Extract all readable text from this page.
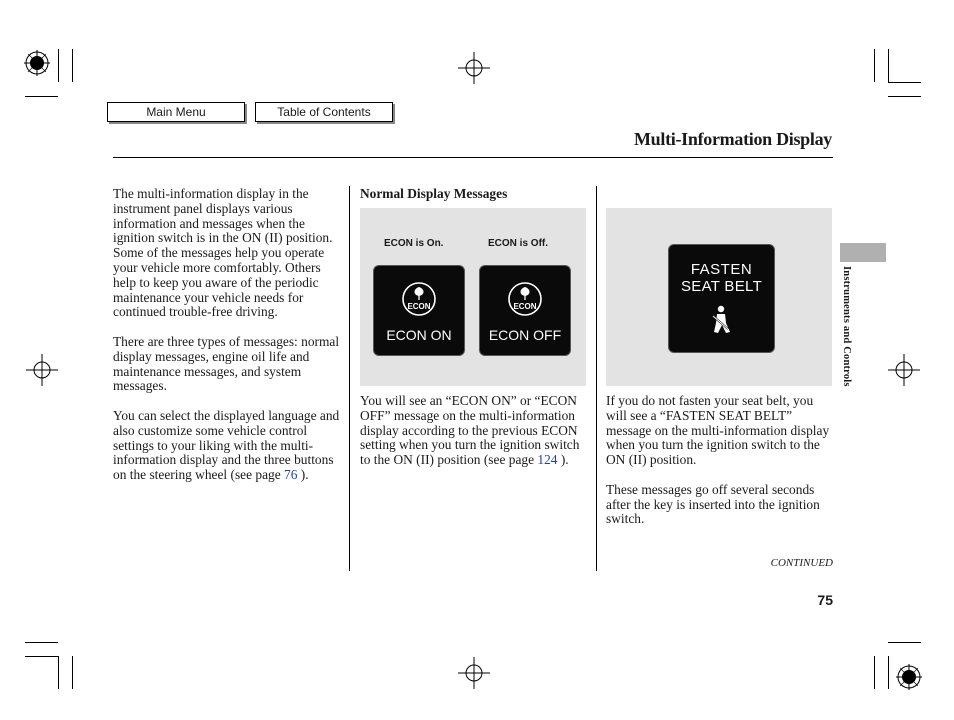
Main Menu	Table of Contents
Multi-Information Display

The multi-information display in the instrument panel displays various information and messages when the ignition switch is in the ON (II) position. Some of the messages help you operate your vehicle more comfortably. Others help to keep you aware of the periodic maintenance your vehicle needs for continued trouble-free driving.

There are three types of messages: normal display messages, engine oil life and maintenance messages, and system messages.

You can select the displayed language and also customize some vehicle control settings to your liking with the multi-information display and the three buttons on the steering wheel (see page 76 ).

Normal Display Messages
ECON is On.	ECON is Off.
ECON
ECON ON
ECON
ECON OFF

You will see an “ECON ON” or “ECON OFF” message on the multi-information display according to the previous ECON setting when you turn the ignition switch to the ON (II) position (see page 124 ).

FASTEN
SEAT BELT

If you do not fasten your seat belt, you will see a “FASTEN SEAT BELT” message on the multi-information display when you turn the ignition switch to the ON (II) position.

These messages go off several seconds after the key is inserted into the ignition switch.

Instruments and Controls
CONTINUED
75
